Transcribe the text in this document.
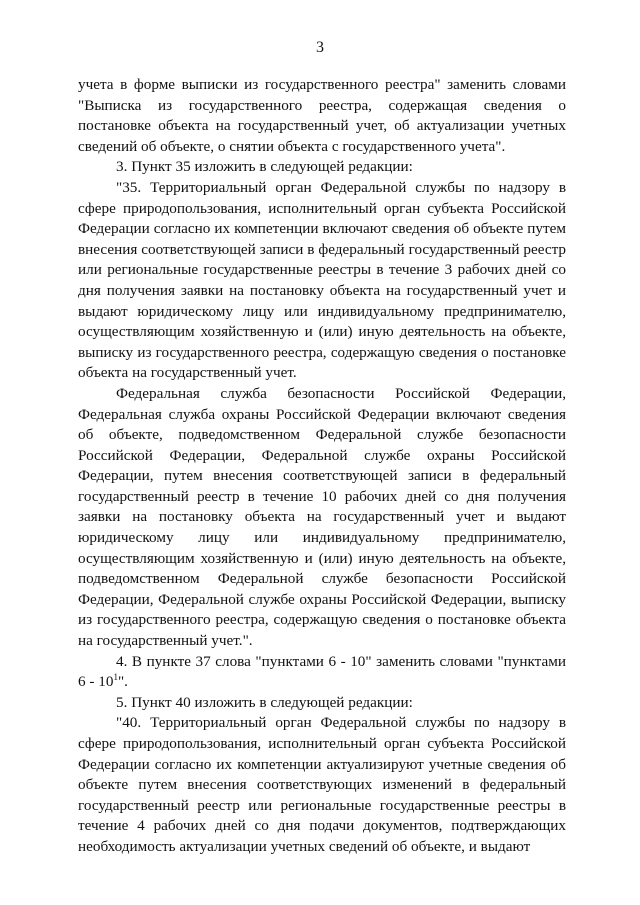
3

учета в форме выписки из государственного реестра" заменить словами "Выписка из государственного реестра, содержащая сведения о постановке объекта на государственный учет, об актуализации учетных сведений об объекте, о снятии объекта с государственного учета".

3. Пункт 35 изложить в следующей редакции:

"35. Территориальный орган Федеральной службы по надзору в сфере природопользования, исполнительный орган субъекта Российской Федерации согласно их компетенции включают сведения об объекте путем внесения соответствующей записи в федеральный государственный реестр или региональные государственные реестры в течение 3 рабочих дней со дня получения заявки на постановку объекта на государственный учет и выдают юридическому лицу или индивидуальному предпринимателю, осуществляющим хозяйственную и (или) иную деятельность на объекте, выписку из государственного реестра, содержащую сведения о постановке объекта на государственный учет.

Федеральная служба безопасности Российской Федерации, Федеральная служба охраны Российской Федерации включают сведения об объекте, подведомственном Федеральной службе безопасности Российской Федерации, Федеральной службе охраны Российской Федерации, путем внесения соответствующей записи в федеральный государственный реестр в течение 10 рабочих дней со дня получения заявки на постановку объекта на государственный учет и выдают юридическому лицу или индивидуальному предпринимателю, осуществляющим хозяйственную и (или) иную деятельность на объекте, подведомственном Федеральной службе безопасности Российской Федерации, Федеральной службе охраны Российской Федерации, выписку из государственного реестра, содержащую сведения о постановке объекта на государственный учет.".

4. В пункте 37 слова "пунктами 6 - 10" заменить словами "пунктами $6 - 10^1$".

5. Пункт 40 изложить в следующей редакции:

"40. Территориальный орган Федеральной службы по надзору в сфере природопользования, исполнительный орган субъекта Российской Федерации согласно их компетенции актуализируют учетные сведения об объекте путем внесения соответствующих изменений в федеральный государственный реестр или региональные государственные реестры в течение 4 рабочих дней со дня подачи документов, подтверждающих необходимость актуализации учетных сведений об объекте, и выдают
